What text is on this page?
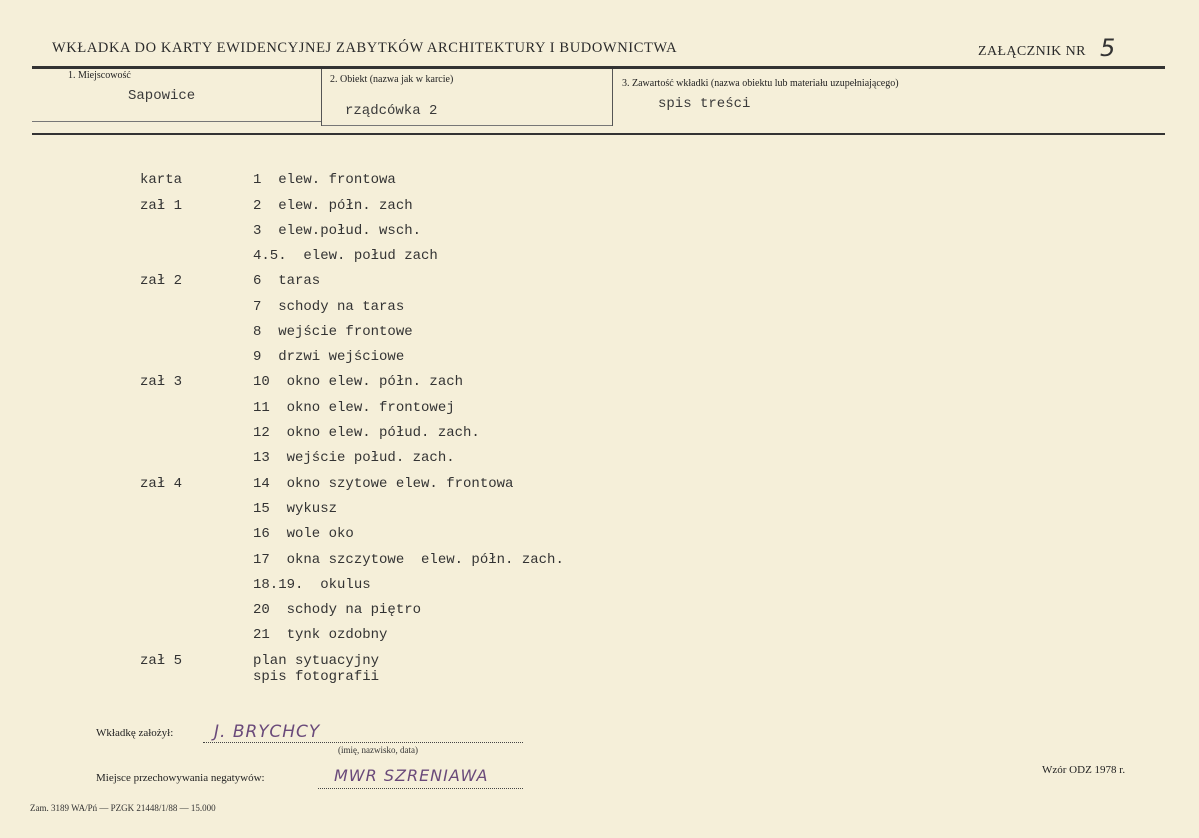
WKŁADKA DO KARTY EWIDENCYJNEJ ZABYTKÓW ARCHITEKTURY I BUDOWNICTWA	ZAŁĄCZNIK NR 5
1. Miejscowość
Sapowice
2. Obiekt (nazwa jak w karcie)
rządcówka 2
3. Zawartość wkładki (nazwa obiektu lub materiału uzupełniającego)
spis treści
karta	1  elew. frontowa
zał 1	2  elew. półn. zach
3  elew.połud. wsch.
4.5.  elew. połud zach
zał 2	6  taras
7  schody na taras
8  wejście frontowe
9  drzwi wejściowe
zał 3	10  okno elew. półn. zach
11  okno elew. frontowej
12  okno elew. półud. zach.
13  wejście połud. zach.
zał 4	14  okno szytowe elew. frontowa
15  wykusz
16  wole oko
17  okna szczytowe  elew. półn. zach.
18.19.  okulus
20  schody na piętro
21  tynk ozdobny
zał 5	plan sytuacyjny
spis fotografii
Wkładkę założył: J. BRYCHCY
(imię, nazwisko, data)
Miejsce przechowywania negatywów:	MWR SZRENIAWA	Wzór ODZ 1978 r.
Zam. 3189 WA/Pń — PZGK 21448/1/88 — 15.000
